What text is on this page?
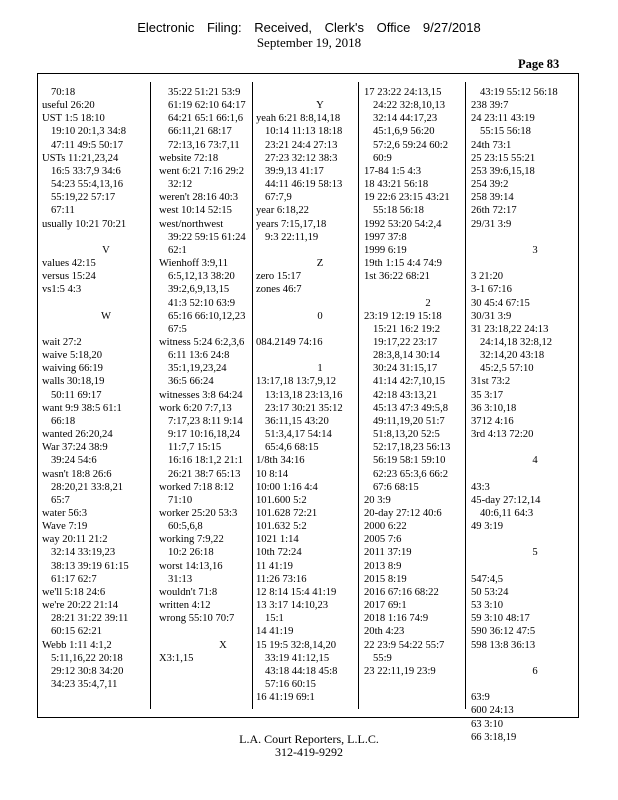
Electronic Filing: Received, Clerk's Office 9/27/2018
September 19, 2018
Page 83
70:18
useful 26:20
UST 1:5 18:10
19:10 20:1,3 34:8
47:11 49:5 50:17
USTs 11:21,23,24
16:5 33:7,9 34:6
54:23 55:4,13,16
55:19,22 57:17
67:11
usually 10:21 70:21

V
values 42:15
versus 15:24
vs1:5 4:3

W

wait 27:2
waive 5:18,20
waiving 66:19
walls 30:18,19
50:11 69:17
want 9:9 38:5 61:1
66:18
wanted 26:20,24
War 37:24 38:9
39:24 54:6
wasn't 18:8 26:6
28:20,21 33:8,21
65:7
water 56:3
Wave 7:19
way 20:11 21:2
32:14 33:19,23
38:13 39:19 61:15
61:17 62:7
we'll 5:18 24:6
we're 20:22 21:14
28:21 31:22 39:11
60:15 62:21
Webb 1:11 4:1,2
5:11,16,22 20:18
29:12 30:8 34:20
34:23 35:4,7,11
35:22 51:21 53:9
61:19 62:10 64:17
64:21 65:1 66:1,6
66:11,21 68:17
72:13,16 73:7,11
website 72:18
went 6:21 7:16 29:2
32:12
weren't 28:16 40:3
west 10:14 52:15
west/northwest
39:22 59:15 61:24
62:1
Wienhoff 3:9,11
6:5,12,13 38:20
39:2,6,9,13,15
41:3 52:10 63:9
65:16 66:10,12,23
67:5
witness 5:24 6:2,3,6
6:11 13:6 24:8
35:1,19,23,24
36:5 66:24
witnesses 3:8 64:24
work 6:20 7:7,13
7:17,23 8:11 9:14
9:17 10:16,18,24
11:7,7 15:15
16:16 18:1,2 21:1
26:21 38:7 65:13
worked 7:18 8:12
71:10
worker 25:20 53:3
60:5,6,8
working 7:9,22
10:2 26:18
worst 14:13,16
31:13
wouldn't 71:8
written 4:12
wrong 55:10 70:7

X
X3:1,15

Y
yeah 6:21 8:8,14,18
10:14 11:13 18:18
23:21 24:4 27:13
27:23 32:12 38:3
39:9,13 41:17
44:11 46:19 58:13
67:7,9
year 6:18,22
years 7:15,17,18
9:3 22:11,19

Z
zero 15:17
zones 46:7

0

084.2149 74:16

1
13:17,18 13:7,9,12
13:13,18 23:13,16
23:17 30:21 35:12
36:11,15 43:20
51:3,4,17 54:14
65:4,6 68:15
1/8th 34:16
10 8:14
10:00 1:16 4:4
101.600 5:2
101.628 72:21
101.632 5:2
1021 1:14
10th 72:24
11 41:19
11:26 73:16
12 8:14 15:4 41:19
13 3:17 14:10,23
15:1
14 41:19
15 19:5 32:8,14,20
33:19 41:12,15
43:18 44:18 45:8
57:16 60:15
16 41:19 69:1
17 23:22 24:13,15
24:22 32:8,10,13
32:14 44:17,23
45:1,6,9 56:20
57:2,6 59:24 60:2
60:9
17-84 1:5 4:3
18 43:21 56:18
19 22:6 23:15 43:21
55:18 56:18
1992 53:20 54:2,4
1997 37:8
1999 6:19
19th 1:15 4:4 74:9
1st 36:22 68:21

2
23:19 12:19 15:18
15:21 16:2 19:2
19:17,22 23:17
28:3,8,14 30:14
30:24 31:15,17
41:14 42:7,10,15
42:18 43:13,21
45:13 47:3 49:5,8
49:11,19,20 51:7
51:8,13,20 52:5
52:17,18,23 56:13
56:19 58:1 59:10
62:23 65:3,6 66:2
67:6 68:15
20 3:9
20-day 27:12 40:6
2000 6:22
2005 7:6
2011 37:19
2013 8:9
2015 8:19
2016 67:16 68:22
2017 69:1
2018 1:16 74:9
20th 4:23
22 23:9 54:22 55:7
55:9
23 22:11,19 23:9
43:19 55:12 56:18
238 39:7
24 23:11 43:19
55:15 56:18
24th 73:1
25 23:15 55:21
253 39:6,15,18
254 39:2
258 39:14
26th 72:17
29/31 3:9

3

3 21:20
3-1 67:16
30 45:4 67:15
30/31 3:9
31 23:18,22 24:13
24:14,18 32:8,12
32:14,20 43:18
45:2,5 57:10
31st 73:2
35 3:17
36 3:10,18
3712 4:16
3rd 4:13 72:20

4

43:3
45-day 27:12,14
40:6,11 64:3
49 3:19

5

547:4,5
50 53:24
53 3:10
59 3:10 48:17
590 36:12 47:5
598 13:8 36:13

6

63:9
600 24:13
63 3:10
66 3:18,19
L.A. Court Reporters, L.L.C.
312-419-9292
